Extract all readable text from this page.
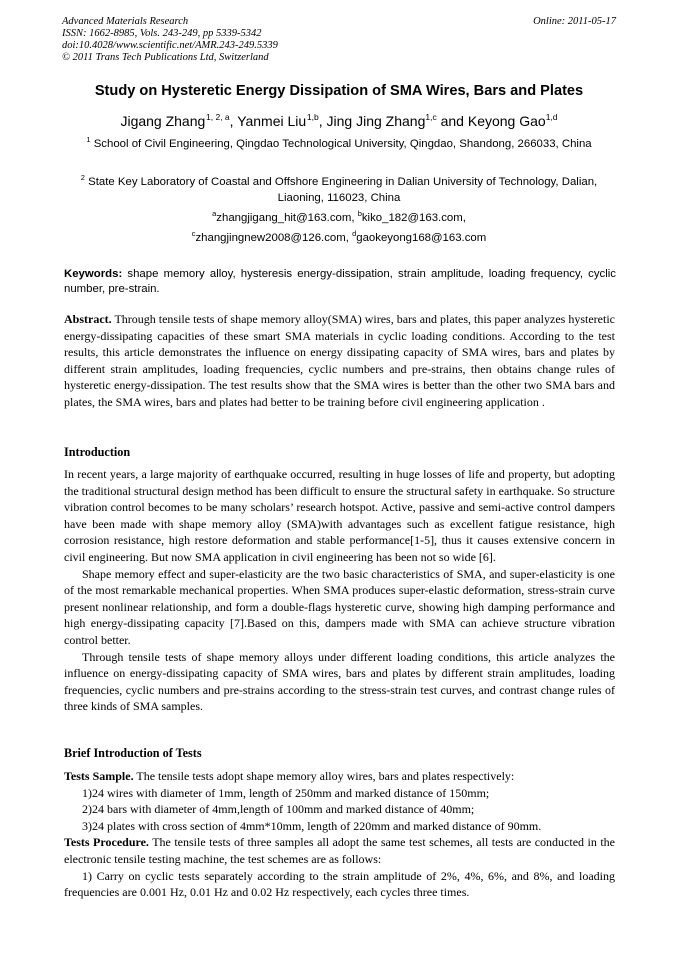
Advanced Materials Research
ISSN: 1662-8985, Vols. 243-249, pp 5339-5342
doi:10.4028/www.scientific.net/AMR.243-249.5339
© 2011 Trans Tech Publications Ltd, Switzerland
Online: 2011-05-17
Study on Hysteretic Energy Dissipation of SMA Wires, Bars and Plates
Jigang Zhang $^{1, 2, a}$, Yanmei Liu $^{1,b}$, Jing Jing Zhang$^{1,c}$ and Keyong Gao$^{1,d}$
$^1$ School of Civil Engineering, Qingdao Technological University, Qingdao, Shandong, 266033, China
$^2$ State Key Laboratory of Coastal and Offshore Engineering in Dalian University of Technology, Dalian, Liaoning, 116023, China
$^a$zhangjigang_hit@163.com, $^b$kiko_182@163.com,
$^c$zhangjingnew2008@126.com, $^d$gaokeyong168@163.com
Keywords: shape memory alloy, hysteresis energy-dissipation, strain amplitude, loading frequency, cyclic number, pre-strain.

Abstract. Through tensile tests of shape memory alloy(SMA) wires, bars and plates, this paper analyzes hysteretic energy-dissipating capacities of these smart SMA materials in cyclic loading conditions. According to the test results, this article demonstrates the influence on energy dissipating capacity of SMA wires, bars and plates by different strain amplitudes, loading frequencies, cyclic numbers and pre-strains, then obtains change rules of hysteretic energy-dissipation. The test results show that the SMA wires is better than the other two SMA bars and plates, the SMA wires, bars and plates had better to be training before civil engineering application .

Introduction

In recent years, a large majority of earthquake occurred, resulting in huge losses of life and property, but adopting the traditional structural design method has been difficult to ensure the structural safety in earthquake. So structure vibration control becomes to be many scholars’ research hotspot. Active, passive and semi-active control dampers have been made with shape memory alloy (SMA)with advantages such as excellent fatigue resistance, high corrosion resistance, high restore deformation and stable performance[1-5], thus it causes extensive concern in civil engineering. But now SMA application in civil engineering has been not so wide [6].

Shape memory effect and super-elasticity are the two basic characteristics of SMA, and super-elasticity is one of the most remarkable mechanical properties. When SMA produces super-elastic deformation, stress-strain curve present nonlinear relationship, and form a double-flags hysteretic curve, showing high damping performance and high energy-dissipating capacity [7].Based on this, dampers made with SMA can achieve structure vibration control better.

Through tensile tests of shape memory alloys under different loading conditions, this article analyzes the influence on energy-dissipating capacity of SMA wires, bars and plates by different strain amplitudes, loading frequencies, cyclic numbers and pre-strains according to the stress-strain test curves, and contrast change rules of three kinds of SMA samples.

Brief Introduction of Tests

Tests Sample. The tensile tests adopt shape memory alloy wires, bars and plates respectively:

1)24 wires with diameter of 1mm, length of 250mm and marked distance of 150mm;

2)24 bars with diameter of 4mm,length of 100mm and marked distance of 40mm;

3)24 plates with cross section of 4mm*10mm, length of 220mm and marked distance of 90mm.

Tests Procedure. The tensile tests of three samples all adopt the same test schemes, all tests are conducted in the electronic tensile testing machine, the test schemes are as follows:

1) Carry on cyclic tests separately according to the strain amplitude of 2%, 4%, 6%, and 8%, and loading frequencies are 0.001 Hz, 0.01 Hz and 0.02 Hz respectively, each cycles three times.
